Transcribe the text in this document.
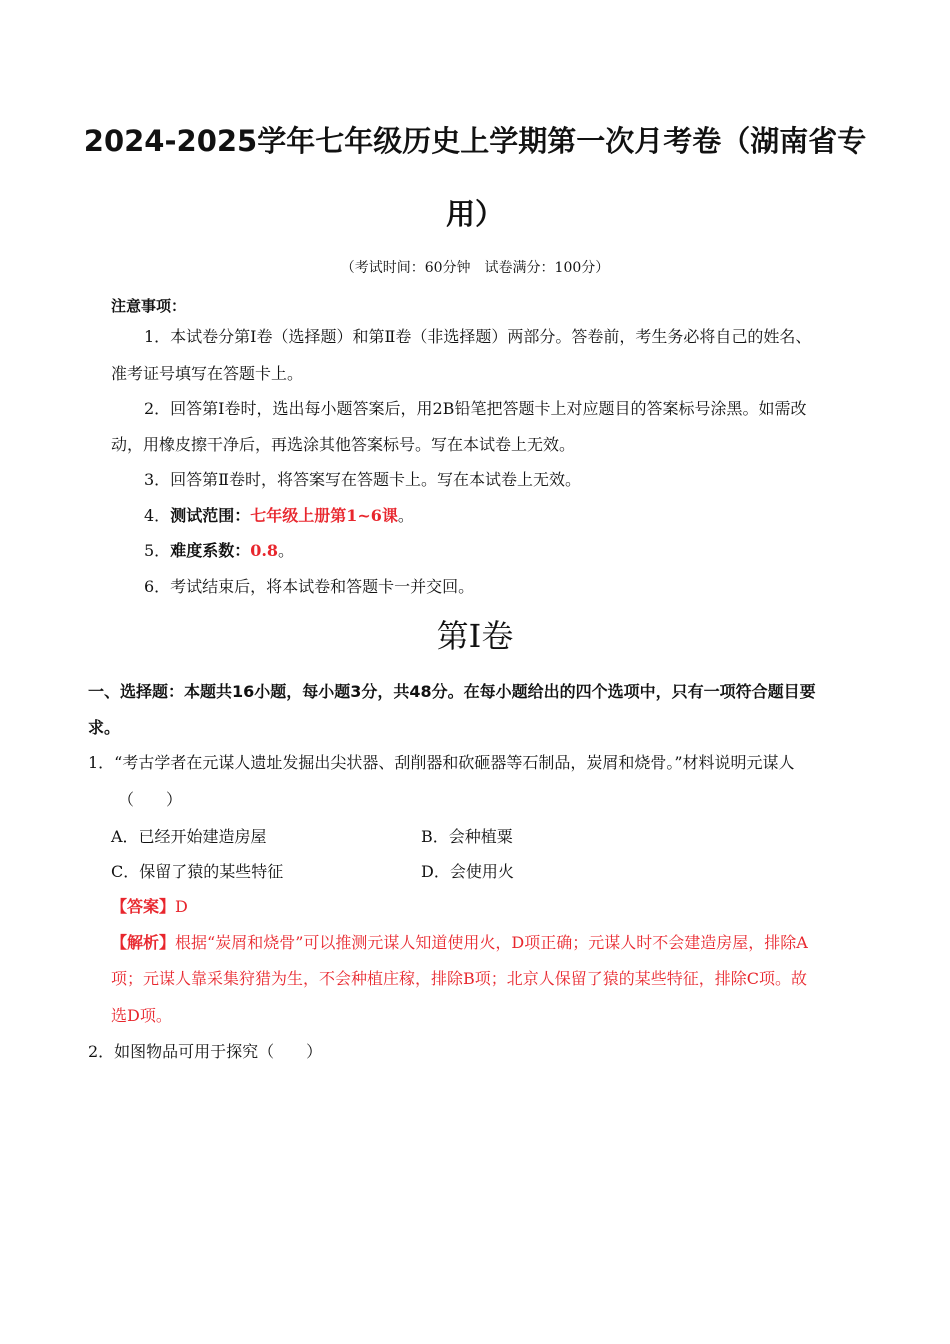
2024-2025学年七年级历史上学期第一次月考卷（湖南省专
用）
（考试时间：60分钟　试卷满分：100分）
注意事项：
1．本试卷分第Ⅰ卷（选择题）和第Ⅱ卷（非选择题）两部分。答卷前，考生务必将自己的姓名、
准考证号填写在答题卡上。
2．回答第Ⅰ卷时，选出每小题答案后，用2B铅笔把答题卡上对应题目的答案标号涂黑。如需改
动，用橡皮擦干净后，再选涂其他答案标号。写在本试卷上无效。
3．回答第Ⅱ卷时，将答案写在答题卡上。写在本试卷上无效。
4．测试范围：七年级上册第1~6课。
5．难度系数：0.8。
6．考试结束后，将本试卷和答题卡一并交回。
第Ⅰ卷
一、选择题：本题共16小题，每小题3分，共48分。在每小题给出的四个选项中，只有一项符合题目要
求。
1．“考古学者在元谋人遗址发掘出尖状器、刮削器和砍砸器等石制品，炭屑和烧骨。”材料说明元谋人
（　　）
A．已经开始建造房屋	B．会种植粟
C．保留了猿的某些特征	D．会使用火
【答案】D
【解析】根据“炭屑和烧骨”可以推测元谋人知道使用火，D项正确；元谋人时不会建造房屋，排除A
项；元谋人靠采集狩猎为生，不会种植庄稼，排除B项；北京人保留了猿的某些特征，排除C项。故
选D项。
2．如图物品可用于探究（　　）
